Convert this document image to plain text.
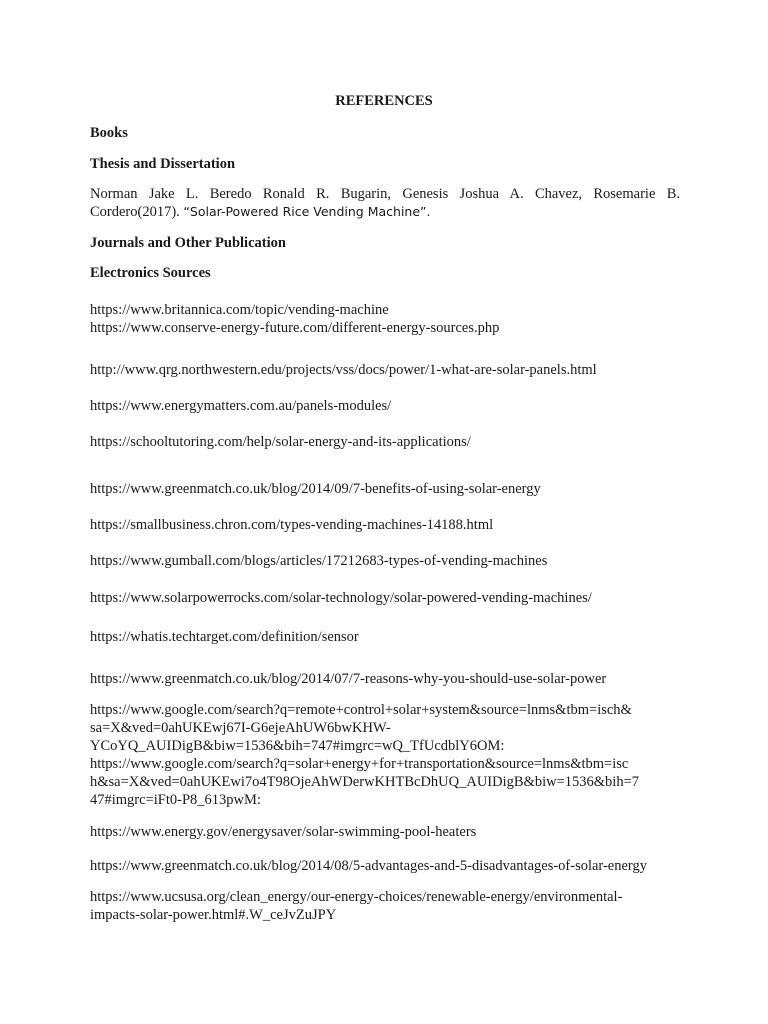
REFERENCES
Books
Thesis and Dissertation
Norman Jake L. Beredo Ronald R. Bugarin, Genesis Joshua A. Chavez, Rosemarie B. Cordero(2017). “Solar-Powered Rice Vending Machine”.
Journals and Other Publication
Electronics Sources
https://www.britannica.com/topic/vending-machine
https://www.conserve-energy-future.com/different-energy-sources.php
http://www.qrg.northwestern.edu/projects/vss/docs/power/1-what-are-solar-panels.html
https://www.energymatters.com.au/panels-modules/
https://schooltutoring.com/help/solar-energy-and-its-applications/
https://www.greenmatch.co.uk/blog/2014/09/7-benefits-of-using-solar-energy
https://smallbusiness.chron.com/types-vending-machines-14188.html
https://www.gumball.com/blogs/articles/17212683-types-of-vending-machines
https://www.solarpowerrocks.com/solar-technology/solar-powered-vending-machines/
https://whatis.techtarget.com/definition/sensor
https://www.greenmatch.co.uk/blog/2014/07/7-reasons-why-you-should-use-solar-power
https://www.google.com/search?q=remote+control+solar+system&source=lnms&tbm=isch&
sa=X&ved=0ahUKEwj67I-G6ejeAhUW6bwKHW-
YCoYQ_AUIDigB&biw=1536&bih=747#imgrc=wQ_TfUcdblY6OM:
https://www.google.com/search?q=solar+energy+for+transportation&source=lnms&tbm=isc
h&sa=X&ved=0ahUKEwi7o4T98OjeAhWDerwKHTBcDhUQ_AUIDigB&biw=1536&bih=7
47#imgrc=iFt0-P8_613pwM:
https://www.energy.gov/energysaver/solar-swimming-pool-heaters
https://www.greenmatch.co.uk/blog/2014/08/5-advantages-and-5-disadvantages-of-solar-energy
https://www.ucsusa.org/clean_energy/our-energy-choices/renewable-energy/environmental-
impacts-solar-power.html#.W_ceJvZuJPY
